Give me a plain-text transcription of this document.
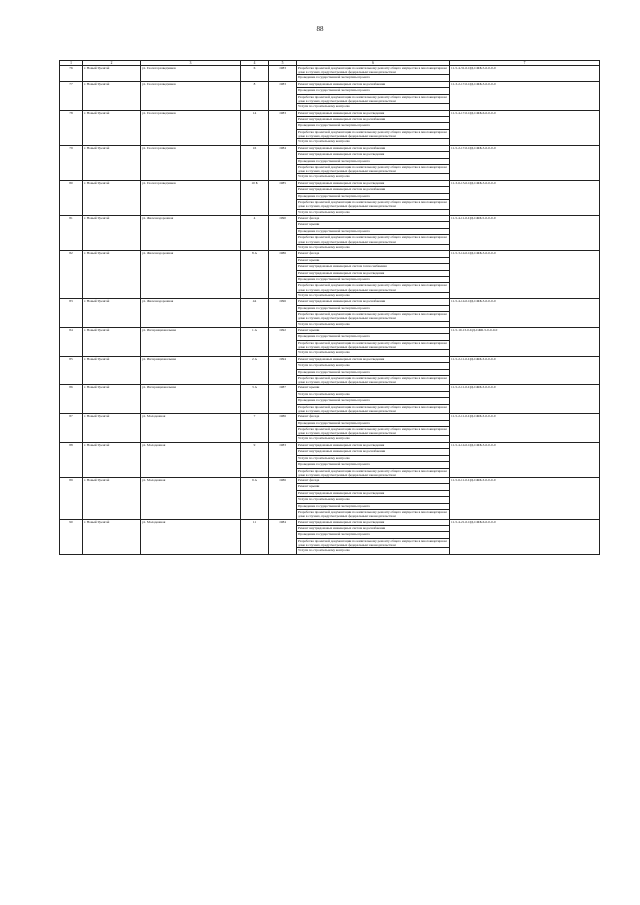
88
1	2	3	4	5	6	7
76	г. Новый Уренгой	ул. Геологоразведчиков	6	1983	Разработка проектной документации по капитальному ремонту общего имущества в многоквартирном доме в случаях, предусмотренных федеральным законодательством	11-5-4-31-0-ЦД-СЖБ-5-0-0-0-0
					Проведение государственной экспертизы проекта	
77	г. Новый Уренгой	ул. Геологоразведчиков	8	1983	Ремонт внутридомовых инженерных систем водоснабжения	11-3-2-17-0-ЦД-СЖБ-3-0-0-0-0
					Проведение государственной экспертизы проекта	
					Разработка проектной документации по капитальному ремонту общего имущества в многоквартирном доме в случаях, предусмотренных федеральным законодательством	
					Услуги по строительному контролю	
78	г. Новый Уренгой	ул. Геологоразведчиков	14	1983	Ремонт внутридомовых инженерных систем водоотведения	11-5-4-17-0-ЦД-СЖБ-6-0-0-0-0
					Ремонт внутридомовых инженерных систем водоснабжения	
					Проведение государственной экспертизы проекта	
					Разработка проектной документации по капитальному ремонту общего имущества в многоквартирном доме в случаях, предусмотренных федеральным законодательством	
					Услуги по строительному контролю	
79	г. Новый Уренгой	ул. Геологоразведчиков	16	1984	Ремонт внутридомовых инженерных систем водоснабжения	11-5-2-17-0-ЦД-СЖБ-3-0-0-0-0
					Ремонт внутридомовых инженерных систем водоотведения	
					Проведение государственной экспертизы проекта	
					Разработка проектной документации по капитальному ремонту общего имущества в многоквартирном доме в случаях, предусмотренных федеральным законодательством	
					Услуги по строительному контролю	
80	г. Новый Уренгой	ул. Геологоразведчиков	10 Б	1985	Ремонт внутридомовых инженерных систем водоотведения	11-3-6-13-0-ЦД-СЖБ-3-0-0-0-0
					Ремонт внутридомовых инженерных систем водоснабжения	
					Проведение государственной экспертизы проекта	
					Разработка проектной документации по капитальному ремонту общего имущества в многоквартирном доме в случаях, предусмотренных федеральным законодательством	
					Услуги по строительному контролю	
81	г. Новый Уренгой	ул. Железнодорожная	4	1990	Ремонт фасада	11-5-4-11-0-ЦД-СЖБ-5-0-0-0-0
					Ремонт крыши	
					Проведение государственной экспертизы проекта	
					Разработка проектной документации по капитальному ремонту общего имущества в многоквартирном доме в случаях, предусмотренных федеральным законодательством	
					Услуги по строительному контролю	
82	г. Новый Уренгой	ул. Железнодорожная	8 А	1986	Ремонт фасада	11-5-3-14-0-ЦД-СЖБ-3-0-0-0-0
					Ремонт крыши	
					Ремонт внутридомовых инженерных систем теплоснабжения	
					Ремонт внутридомовых инженерных систем водоотведения	
					Проведение государственной экспертизы проекта	
					Разработка проектной документации по капитальному ремонту общего имущества в многоквартирном доме в случаях, предусмотренных федеральным законодательством	
					Услуги по строительному контролю	
83	г. Новый Уренгой	ул. Железнодорожная	44	1996	Ремонт внутридомовых инженерных систем водоснабжения	11-5-4-14-0-ЦД-СЖБ-3-0-0-0-0
					Проведение государственной экспертизы проекта	
					Разработка проектной документации по капитальному ремонту общего имущества в многоквартирном доме в случаях, предусмотренных федеральным законодательством	
					Услуги по строительному контролю	
84	г. Новый Уренгой	ул. Интернациональная	1 А	1992	Ремонт крыши	11-5-10-13-0-ЦД-СЖБ-5-0-0-0-0
					Проведение государственной экспертизы проекта	
					Разработка проектной документации по капитальному ремонту общего имущества в многоквартирном доме в случаях, предусмотренных федеральным законодательством	
					Услуги по строительному контролю	
85	г. Новый Уренгой	ул. Интернациональная	2 А	1994	Ремонт внутридомовых инженерных систем водоотведения	11-5-2-11-0-ЦД-СЖБ-3-0-0-0-0
					Услуги по строительному контролю	
					Проведение государственной экспертизы проекта	
					Разработка проектной документации по капитальному ремонту общего имущества в многоквартирном доме в случаях, предусмотренных федеральным законодательством	
86	г. Новый Уренгой	ул. Интернациональная	3 А	1987	Ремонт крыши	11-5-2-11-0-ЦД-СЖБ-3-0-0-0-0
					Услуги по строительному контролю	
					Проведение государственной экспертизы проекта	
					Разработка проектной документации по капитальному ремонту общего имущества в многоквартирном доме в случаях, предусмотренных федеральным законодательством	
87	г. Новый Уренгой	ул. Молодежная	7	1986	Ремонт фасада	11-5-2-11-0-ЦД-СЖБ-3-0-0-0-0
					Проведение государственной экспертизы проекта	
					Разработка проектной документации по капитальному ремонту общего имущества в многоквартирном доме в случаях, предусмотренных федеральным законодательством	
					Услуги по строительному контролю	
88	г. Новый Уренгой	ул. Молодежная	9	1983	Ремонт внутридомовых инженерных систем водоотведения	11-5-4-14-0-ЦД-СЖБ-3-0-0-0-0
					Ремонт внутридомовых инженерных систем водоснабжения	
					Услуги по строительному контролю	
					Проведение государственной экспертизы проекта	
					Разработка проектной документации по капитальному ремонту общего имущества в многоквартирном доме в случаях, предусмотренных федеральным законодательством	
89	г. Новый Уренгой	ул. Молодежная	9 А	1986	Ремонт фасада	11-5-6-11-0-ЦД-СЖБ-3-0-0-0-0
					Ремонт крыши	
					Ремонт внутридомовых инженерных систем водоотведения	
					Услуги по строительному контролю	
					Проведение государственной экспертизы проекта	
					Разработка проектной документации по капитальному ремонту общего имущества в многоквартирном доме в случаях, предусмотренных федеральным законодательством	
90	г. Новый Уренгой	ул. Молодежная	11	1984	Ремонт внутридомовых инженерных систем водоотведения	11-5-4-21-0-ЦД-СЖБ-6-0-0-0-0
					Ремонт внутридомовых инженерных систем водоснабжения	
					Проведение государственной экспертизы проекта	
					Разработка проектной документации по капитальному ремонту общего имущества в многоквартирном доме в случаях, предусмотренных федеральным законодательством	
					Услуги по строительному контролю	
